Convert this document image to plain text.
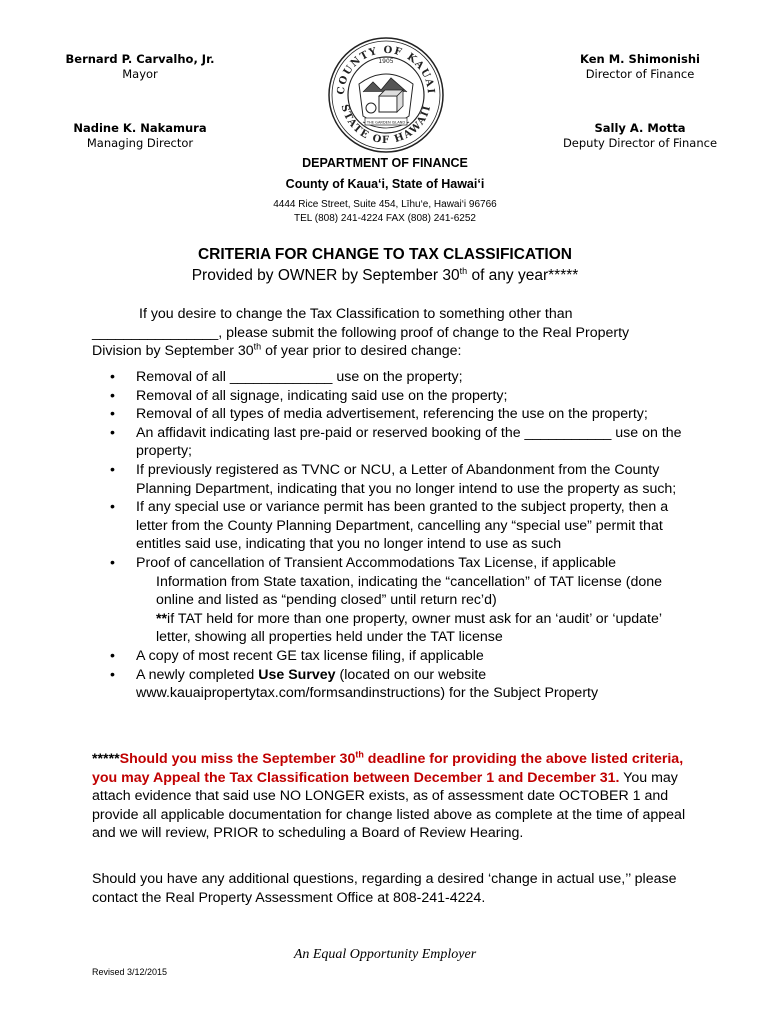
Bernard P. Carvalho, Jr.
Mayor
Ken M. Shimonishi
Director of Finance
Nadine K. Nakamura
Managing Director
Sally A. Motta
Deputy Director of Finance
COUNTY OF KAUAI
STATE OF HAWAII
1905
THE GARDEN ISLAND
DEPARTMENT OF FINANCE
County of Kaua‘i, State of Hawai‘i
4444 Rice Street, Suite 454, Līhu‘e, Hawai‘i 96766
TEL (808) 241-4224 FAX (808) 241-6252
CRITERIA FOR CHANGE TO TAX CLASSIFICATION
Provided by OWNER by September 30th of any year*****
If you desire to change the Tax Classification to something other than
________________, please submit the following proof of change to the Real Property
Division by September 30th of year prior to desired change:
• Removal of all _____________ use on the property;
• Removal of all signage, indicating said use on the property;
• Removal of all types of media advertisement, referencing the use on the property;
• An affidavit indicating last pre-paid or reserved booking of the ___________ use on the property;
• If previously registered as TVNC or NCU, a Letter of Abandonment from the County Planning Department, indicating that you no longer intend to use the property as such;
• If any special use or variance permit has been granted to the subject property, then a letter from the County Planning Department, cancelling any “special use” permit that entitles said use, indicating that you no longer intend to use as such
• Proof of cancellation of Transient Accommodations Tax License, if applicable
Information from State taxation, indicating the “cancellation” of TAT license (done online and listed as “pending closed” until return rec’d)
**if TAT held for more than one property, owner must ask for an ‘audit’ or ‘update’ letter, showing all properties held under the TAT license
• A copy of most recent GE tax license filing, if applicable
• A newly completed Use Survey (located on our website www.kauaipropertytax.com/formsandinstructions) for the Subject Property
*****Should you miss the September 30th deadline for providing the above listed criteria, you may Appeal the Tax Classification between December 1 and December 31. You may attach evidence that said use NO LONGER exists, as of assessment date OCTOBER 1 and provide all applicable documentation for change listed above as complete at the time of appeal and we will review, PRIOR to scheduling a Board of Review Hearing.
Should you have any additional questions, regarding a desired ‘change in actual use,’’ please contact the Real Property Assessment Office at 808-241-4224.
An Equal Opportunity Employer
Revised 3/12/2015
